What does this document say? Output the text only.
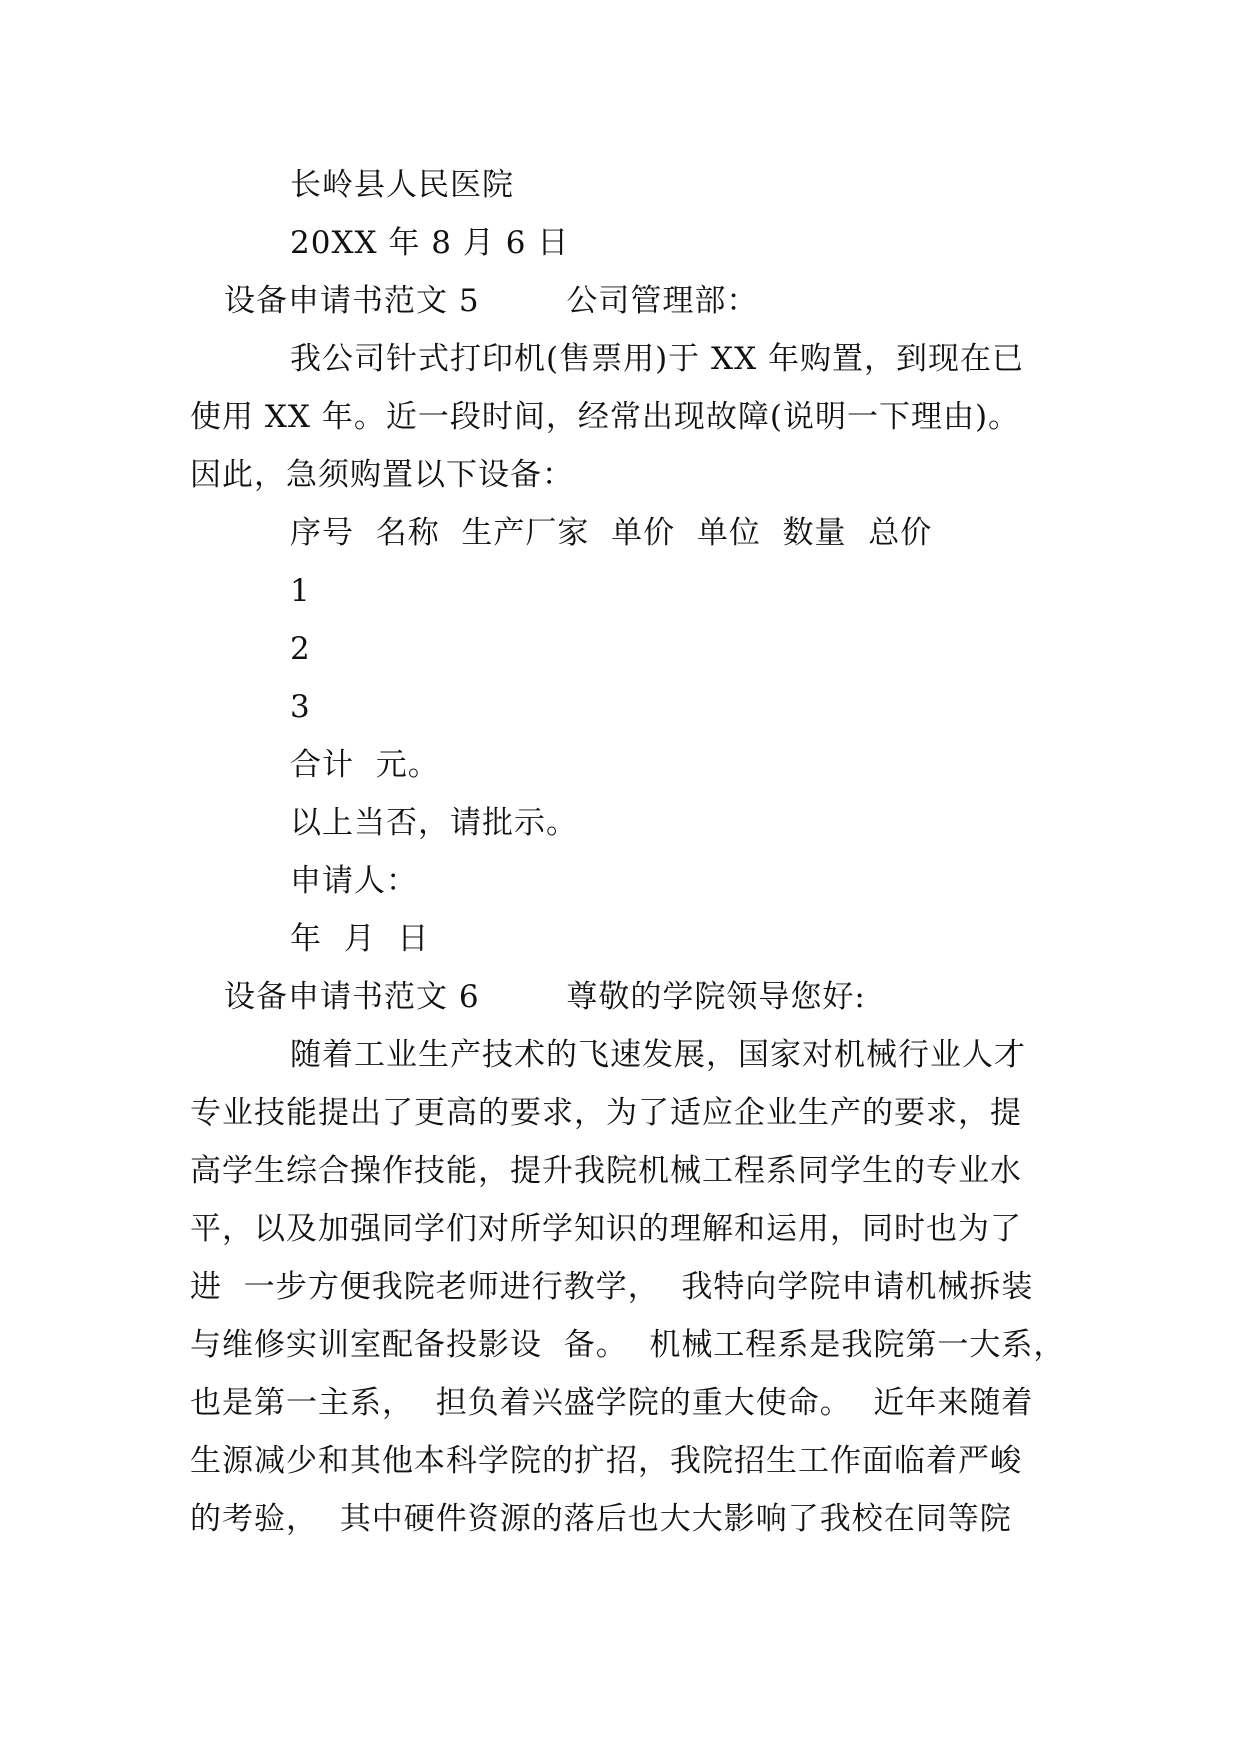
长岭县人民医院
20XX 年 8 月 6 日
设备申请书范文 5        公司管理部：
我公司针式打印机(售票用)于 XX 年购置，到现在已
使用 XX 年。近一段时间，经常出现故障(说明一下理由)。
因此，急须购置以下设备：
序号  名称  生产厂家  单价  单位  数量  总价
1
2
3
合计  元。
以上当否，请批示。
申请人：
年  月  日
设备申请书范文 6        尊敬的学院领导您好:
随着工业生产技术的飞速发展，国家对机械行业人才
专业技能提出了更高的要求，为了适应企业生产的要求，提
高学生综合操作技能，提升我院机械工程系同学生的专业水
平，以及加强同学们对所学知识的理解和运用，同时也为了
进  一步方便我院老师进行教学，  我特向学院申请机械拆装
与维修实训室配备投影设  备。  机械工程系是我院第一大系，
也是第一主系，  担负着兴盛学院的重大使命。  近年来随着
生源减少和其他本科学院的扩招，我院招生工作面临着严峻
的考验，  其中硬件资源的落后也大大影响了我校在同等院
